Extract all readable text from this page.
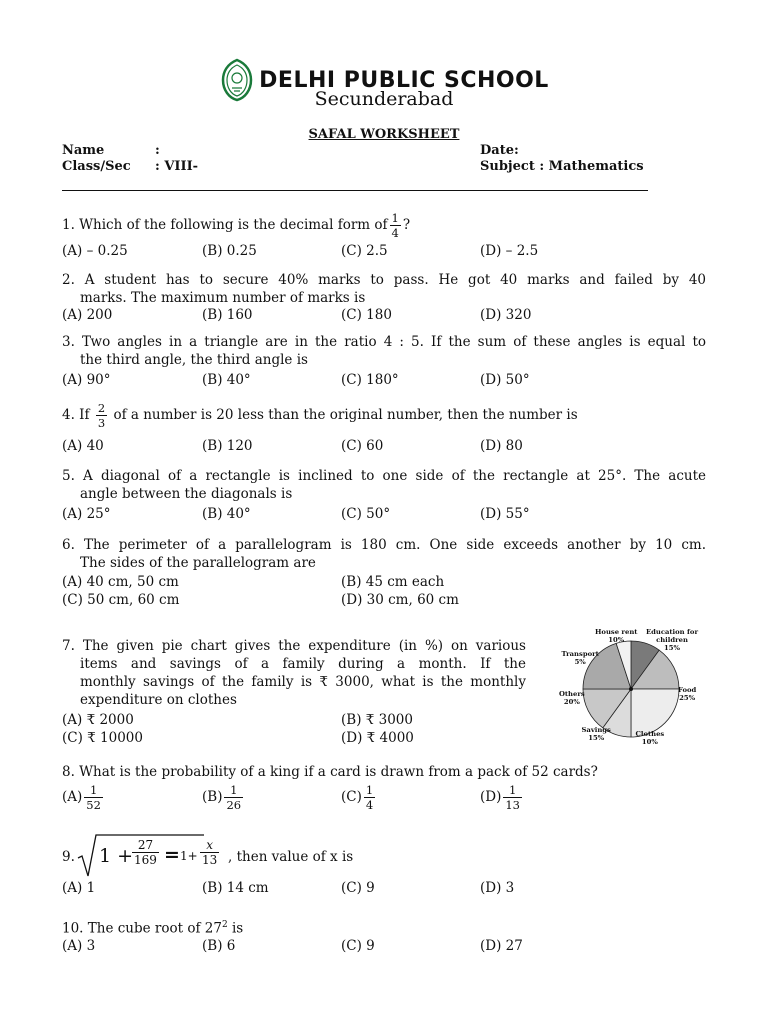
DELHI PUBLIC SCHOOL
Secunderabad
SAFAL WORKSHEET
Name	:
Class/Sec : VIII-
Date:
Subject : Mathematics
1. Which of the following is the decimal form of $\frac{1}{4}$ ?
(A) – 0.25	(B) 0.25	(C) 2.5	(D) – 2.5
2. A student has to secure 40% marks to pass. He got 40 marks and failed by 40
marks. The maximum number of marks is
(A) 200	(B) 160	(C) 180	(D) 320
3. Two angles in a triangle are in the ratio 4 : 5. If the sum of these angles is equal to
the third angle, the third angle is
(A) 90°	(B) 40°	(C) 180°	(D) 50°
4. If $\frac{2}{3}$ of a number is 20 less than the original number, then the number is
(A) 40	(B) 120	(C) 60	(D) 80
5. A diagonal of a rectangle is inclined to one side of the rectangle at 25°. The acute
angle between the diagonals is
(A) 25°	(B) 40°	(C) 50°	(D) 55°
6. The perimeter of a parallelogram is 180 cm. One side exceeds another by 10 cm.
The sides of the parallelogram are
(A) 40 cm, 50 cm	(B) 45 cm each
(C) 50 cm, 60 cm	(D) 30 cm, 60 cm
7. The given pie chart gives the expenditure (in %) on various
items and savings of a family during a month. If the
monthly savings of the family is ₹ 3000, what is the monthly
expenditure on clothes
(A) ₹ 2000	(B) ₹ 3000
(C) ₹ 10000	(D) ₹ 4000
House rent
10%
Education for
children
15%
Food
25%
Clothes
10%
Savings
15%
Others
20%
Transport
5%
8. What is the probability of a king if a card is drawn from a pack of 52 cards?
$(A) \frac{1}{52}$	$(B) \frac{1}{26}$	$(C) \frac{1}{4}$	$(D) \frac{1}{13}$
9. 1 +
$\frac{27}{169} = 1+ \frac{x}{13}$ , then value of x is
(A) 1	(B) 14 cm	(C) 9	(D) 3
10. The cube root of $27^2$ is
(A) 3	(B) 6	(C) 9	(D) 27
